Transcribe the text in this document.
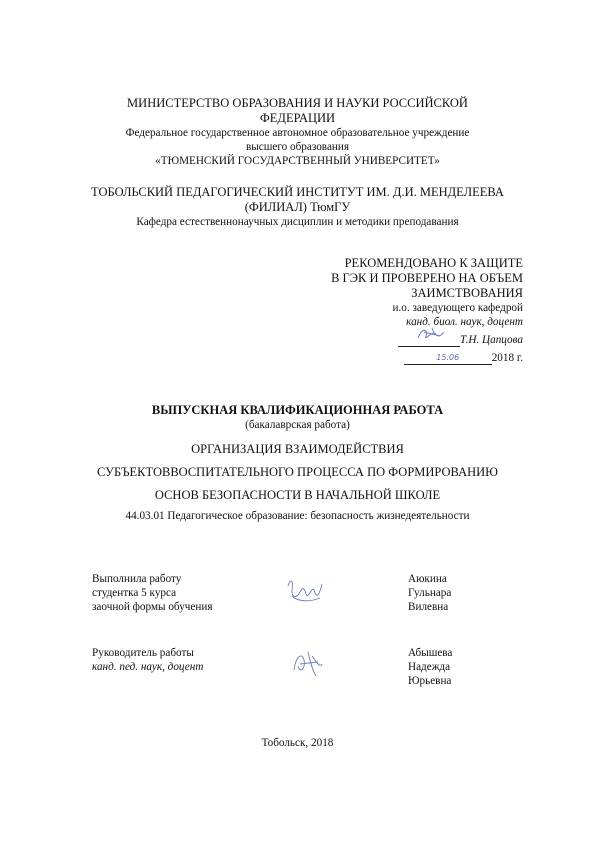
МИНИСТЕРСТВО ОБРАЗОВАНИЯ И НАУКИ РОССИЙСКОЙ
ФЕДЕРАЦИИ
Федеральное государственное автономное образовательное учреждение
высшего образования
«ТЮМЕНСКИЙ ГОСУДАРСТВЕННЫЙ УНИВЕРСИТЕТ»
ТОБОЛЬСКИЙ ПЕДАГОГИЧЕСКИЙ ИНСТИТУТ ИМ. Д.И. МЕНДЕЛЕЕВА
(ФИЛИАЛ) ТюмГУ
Кафедра естественнонаучных дисциплин и методики преподавания
РЕКОМЕНДОВАНО К ЗАЩИТЕ
В ГЭК И ПРОВЕРЕНО НА ОБЪЕМ
ЗАИМСТВОВАНИЯ
и.о. заведующего кафедрой
канд. биол. наук, доцент
Т.Н. Цапцова
15.06	2018 г.
ВЫПУСКНАЯ КВАЛИФИКАЦИОННАЯ РАБОТА
(бакалаврская работа)
ОРГАНИЗАЦИЯ ВЗАИМОДЕЙСТВИЯ
СУБЪЕКТОВВОСПИТАТЕЛЬНОГО ПРОЦЕССА ПО ФОРМИРОВАНИЮ
ОСНОВ БЕЗОПАСНОСТИ В НАЧАЛЬНОЙ ШКОЛЕ
44.03.01 Педагогическое образование: безопасность жизнедеятельности
Выполнила работу
студентка 5 курса
заочной формы обучения
Аюкина
Гульнара
Вилевна
Руководитель работы
канд. пед. наук, доцент
Абышева
Надежда
Юрьевна
Тобольск, 2018
